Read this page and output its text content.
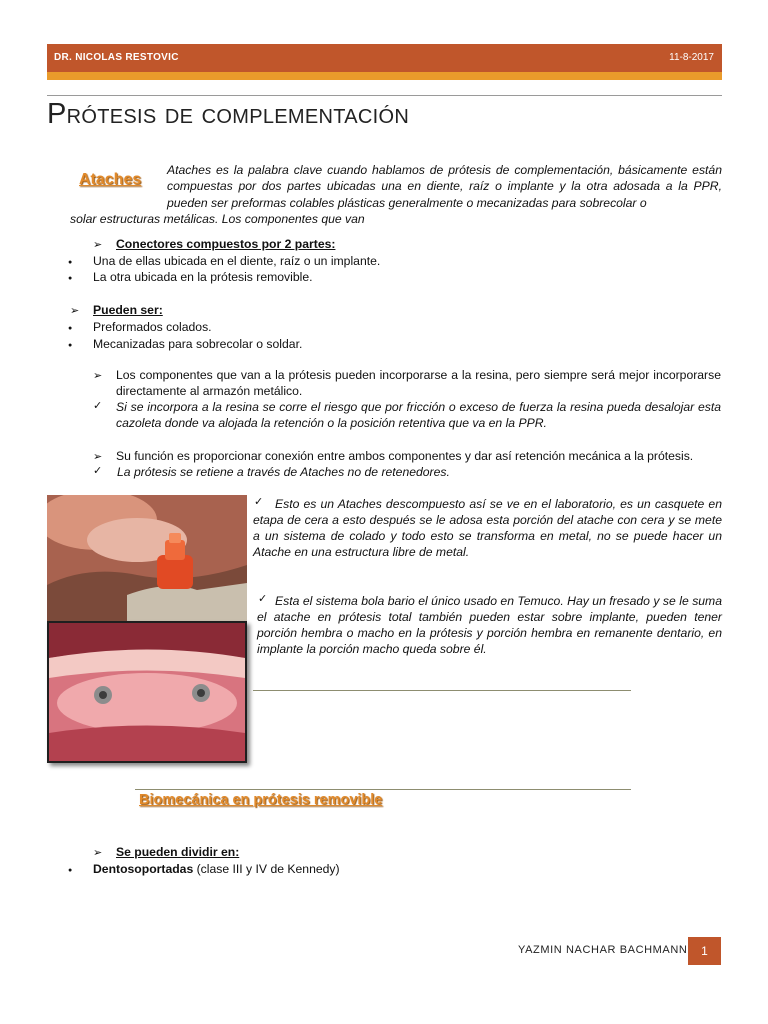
DR. NICOLAS RESTOVIC	11-8-2017
Prótesis de complementación
Ataches
Ataches es la palabra clave cuando hablamos de prótesis de complementación, básicamente están compuestas por dos partes ubicadas una en diente, raíz o implante y la otra adosada a la PPR, pueden ser preformas colables plásticas generalmente o mecanizadas para sobrecolar o
solar estructuras metálicas. Los componentes que van
➢ Conectores compuestos por 2 partes:
● Una de ellas ubicada en el diente, raíz o un implante.
● La otra ubicada en la prótesis removible.
➢ Pueden ser:
● Preformados colados.
● Mecanizadas para sobrecolar o soldar.
➢ Los componentes que van a la prótesis pueden incorporarse a la resina, pero siempre será mejor incorporarse directamente al armazón metálico.
✓ Si se incorpora a la resina se corre el riesgo que por fricción o exceso de fuerza la resina pueda desalojar esta cazoleta donde va alojada la retención o la posición retentiva que va en la PPR.
➢ Su función es proporcionar conexión entre ambos componentes y dar así retención mecánica a la prótesis.
✓ La prótesis se retiene a través de Ataches no de retenedores.
✓ Esto es un Ataches descompuesto así se ve en el laboratorio, es un casquete en etapa de cera a esto después se le adosa esta porción del atache con cera y se mete a un sistema de colado y todo esto se transforma en metal, no se puede hacer un Atache en una estructura libre de metal.
✓ Esta el sistema bola bario el único usado en Temuco. Hay un fresado y se le suma el atache en prótesis total también pueden estar sobre implante, pueden tener porción hembra o macho en la prótesis y porción hembra en remanente dentario, en implante la porción macho queda sobre él.
Biomecánica en prótesis removible
➢ Se pueden dividir en:
● Dentosoportadas (clase III y IV de Kennedy)
YAZMIN NACHAR BACHMANN	1
